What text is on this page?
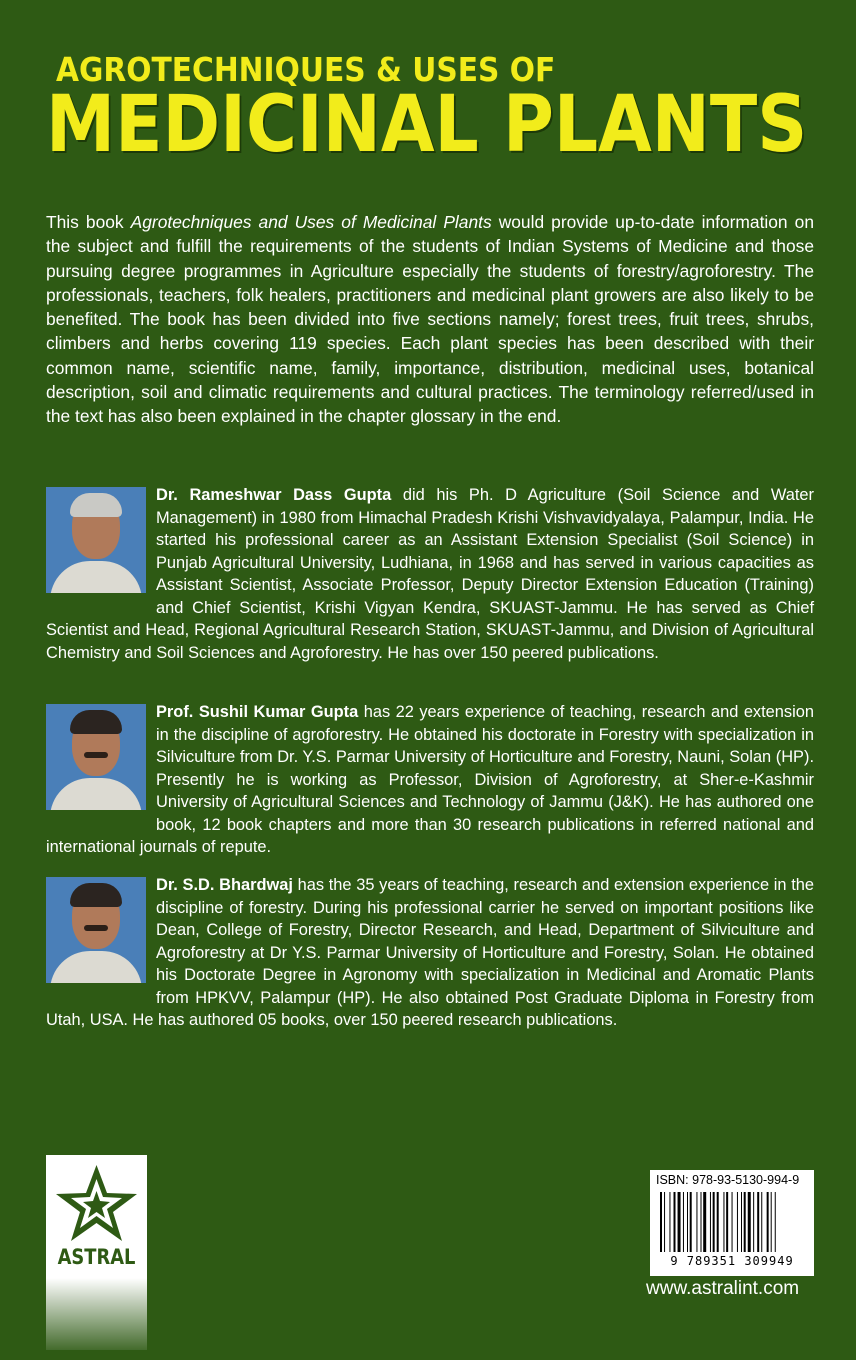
AGROTECHNIQUES & USES OF
MEDICINAL PLANTS
This book Agrotechniques and Uses of Medicinal Plants would provide up-to-date information on the subject and fulfill the requirements of the students of Indian Systems of Medicine and those pursuing degree programmes in Agriculture especially the students of forestry/agroforestry. The professionals, teachers, folk healers, practitioners and medicinal plant growers are also likely to be benefited. The book has been divided into five sections namely; forest trees, fruit trees, shrubs, climbers and herbs covering 119 species. Each plant species has been described with their common name, scientific name, family, importance, distribution, medicinal uses, botanical description, soil and climatic requirements and cultural practices. The terminology referred/used in the text has also been explained in the chapter glossary in the end.
Dr. Rameshwar Dass Gupta did his Ph. D Agriculture (Soil Science and Water Management) in 1980 from Himachal Pradesh Krishi Vishvavidyalaya, Palampur, India. He started his professional career as an Assistant Extension Specialist (Soil Science) in Punjab Agricultural University, Ludhiana, in 1968 and has served in various capacities as Assistant Scientist, Associate Professor, Deputy Director Extension Education (Training) and Chief Scientist, Krishi Vigyan Kendra, SKUAST-Jammu. He has served as Chief Scientist and Head, Regional Agricultural Research Station, SKUAST-Jammu, and Division of Agricultural Chemistry and Soil Sciences and Agroforestry. He has over 150 peered publications.
Prof. Sushil Kumar Gupta has 22 years experience of teaching, research and extension in the discipline of agroforestry. He obtained his doctorate in Forestry with specialization in Silviculture from Dr. Y.S. Parmar University of Horticulture and Forestry, Nauni, Solan (HP). Presently he is working as Professor, Division of Agroforestry, at Sher-e-Kashmir University of Agricultural Sciences and Technology of Jammu (J&K). He has authored one book, 12 book chapters and more than 30 research publications in referred national and international journals of repute.
Dr. S.D. Bhardwaj has the 35 years of teaching, research and extension experience in the discipline of forestry. During his professional carrier he served on important positions like Dean, College of Forestry, Director Research, and Head, Department of Silviculture and Agroforestry at Dr Y.S. Parmar University of Horticulture and Forestry, Solan. He obtained his Doctorate Degree in Agronomy with specialization in Medicinal and Aromatic Plants from HPKVV, Palampur (HP). He also obtained Post Graduate Diploma in Forestry from Utah, USA. He has authored 05 books, over 150 peered research publications.
ASTRAL
ISBN: 978-93-5130-994-9
9 789351 309949
www.astralint.com
